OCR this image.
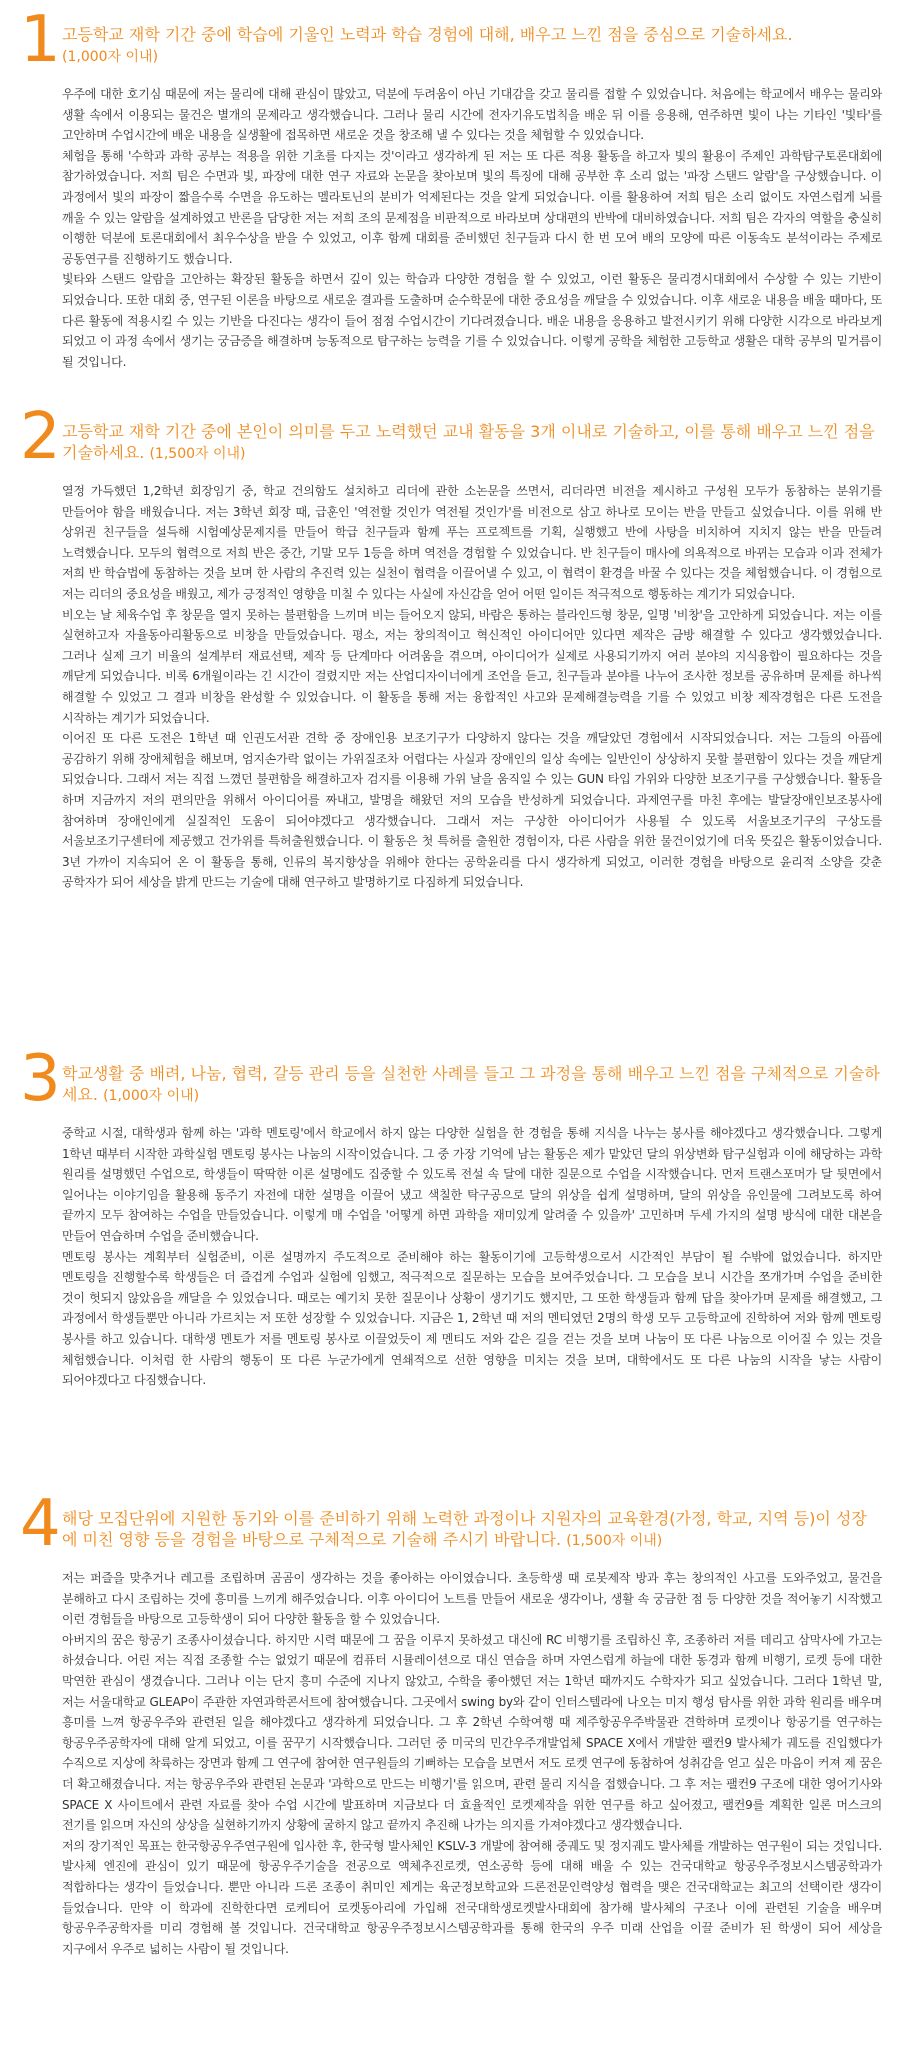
1 고등학교 재학 기간 중에 학습에 기울인 노력과 학습 경험에 대해, 배우고 느낀 점을 중심으로 기술하세요.
(1,000자 이내)

우주에 대한 호기심 때문에 저는 물리에 대해 관심이 많았고, 덕분에 두려움이 아닌 기대감을 갖고 물리를 접할 수 있었습니다. 처음에는 학교에서 배우는 물리와 생활 속에서 이용되는 물건은 별개의 문제라고 생각했습니다. 그러나 물리 시간에 전자기유도법칙을 배운 뒤 이를 응용해, 연주하면 빛이 나는 기타인 '빛타'를 고안하며 수업시간에 배운 내용을 실생활에 접목하면 새로운 것을 창조해 낼 수 있다는 것을 체험할 수 있었습니다.

체험을 통해 '수학과 과학 공부는 적용을 위한 기초를 다지는 것'이라고 생각하게 된 저는 또 다른 적용 활동을 하고자 빛의 활용이 주제인 과학탐구토론대회에 참가하였습니다. 저희 팀은 수면과 빛, 파장에 대한 연구 자료와 논문을 찾아보며 빛의 특징에 대해 공부한 후 소리 없는 '파장 스탠드 알람'을 구상했습니다. 이 과정에서 빛의 파장이 짧을수록 수면을 유도하는 멜라토닌의 분비가 억제된다는 것을 알게 되었습니다. 이를 활용하여 저희 팀은 소리 없이도 자연스럽게 뇌를 깨울 수 있는 알람을 설계하였고 반론을 담당한 저는 저희 조의 문제점을 비판적으로 바라보며 상대편의 반박에 대비하였습니다. 저희 팀은 각자의 역할을 충실히 이행한 덕분에 토론대회에서 최우수상을 받을 수 있었고, 이후 함께 대회를 준비했던 친구들과 다시 한 번 모여 배의 모양에 따른 이동속도 분석이라는 주제로 공동연구를 진행하기도 했습니다.

빛타와 스탠드 알람을 고안하는 확장된 활동을 하면서 깊이 있는 학습과 다양한 경험을 할 수 있었고, 이런 활동은 물리경시대회에서 수상할 수 있는 기반이 되었습니다. 또한 대회 중, 연구된 이론을 바탕으로 새로운 결과를 도출하며 순수학문에 대한 중요성을 깨달을 수 있었습니다. 이후 새로운 내용을 배울 때마다, 또 다른 활동에 적용시킬 수 있는 기반을 다진다는 생각이 들어 점점 수업시간이 기다려졌습니다. 배운 내용을 응용하고 발전시키기 위해 다양한 시각으로 바라보게 되었고 이 과정 속에서 생기는 궁금증을 해결하며 능동적으로 탐구하는 능력을 기를 수 있었습니다. 이렇게 공학을 체험한 고등학교 생활은 대학 공부의 밑거름이 될 것입니다.

2 고등학교 재학 기간 중에 본인이 의미를 두고 노력했던 교내 활동을 3개 이내로 기술하고, 이를 통해 배우고 느낀 점을 기술하세요. (1,500자 이내)

열정 가득했던 1,2학년 회장임기 중, 학교 건의함도 설치하고 리더에 관한 소논문을 쓰면서, 리더라면 비전을 제시하고 구성원 모두가 동참하는 분위기를 만들어야 함을 배웠습니다. 저는 3학년 회장 때, 급훈인 '역전할 것인가 역전될 것인가'를 비전으로 삼고 하나로 모이는 반을 만들고 싶었습니다. 이를 위해 반 상위권 친구들을 설득해 시험예상문제지를 만들어 학급 친구들과 함께 푸는 프로젝트를 기획, 실행했고 반에 사탕을 비치하여 지치지 않는 반을 만들려 노력했습니다. 모두의 협력으로 저희 반은 중간, 기말 모두 1등을 하며 역전을 경험할 수 있었습니다. 반 친구들이 매사에 의욕적으로 바뀌는 모습과 이과 전체가 저희 반 학습법에 동참하는 것을 보며 한 사람의 추진력 있는 실천이 협력을 이끌어낼 수 있고, 이 협력이 환경을 바꿀 수 있다는 것을 체험했습니다. 이 경험으로 저는 리더의 중요성을 배웠고, 제가 긍정적인 영향을 미칠 수 있다는 사실에 자신감을 얻어 어떤 일이든 적극적으로 행동하는 계기가 되었습니다.

비오는 날 체육수업 후 창문을 열지 못하는 불편함을 느끼며 비는 들어오지 않되, 바람은 통하는 블라인드형 창문, 일명 '비창'을 고안하게 되었습니다. 저는 이를 실현하고자 자율동아리활동으로 비창을 만들었습니다. 평소, 저는 창의적이고 혁신적인 아이디어만 있다면 제작은 금방 해결할 수 있다고 생각했었습니다. 그러나 실제 크기 비율의 설계부터 재료선택, 제작 등 단계마다 어려움을 겪으며, 아이디어가 실제로 사용되기까지 여러 분야의 지식융합이 필요하다는 것을 깨닫게 되었습니다. 비록 6개월이라는 긴 시간이 걸렸지만 저는 산업디자이너에게 조언을 듣고, 친구들과 분야를 나누어 조사한 정보를 공유하며 문제를 하나씩 해결할 수 있었고 그 결과 비창을 완성할 수 있었습니다. 이 활동을 통해 저는 융합적인 사고와 문제해결능력을 기를 수 있었고 비창 제작경험은 다른 도전을 시작하는 계기가 되었습니다.

이어진 또 다른 도전은 1학년 때 인권도서관 견학 중 장애인용 보조기구가 다양하지 않다는 것을 깨달았던 경험에서 시작되었습니다. 저는 그들의 아픔에 공감하기 위해 장애체험을 해보며, 엄지손가락 없이는 가위질조차 어렵다는 사실과 장애인의 일상 속에는 일반인이 상상하지 못할 불편함이 있다는 것을 깨닫게 되었습니다. 그래서 저는 직접 느꼈던 불편함을 해결하고자 검지를 이용해 가위 날을 움직일 수 있는 GUN 타입 가위와 다양한 보조기구를 구상했습니다. 활동을 하며 지금까지 저의 편의만을 위해서 아이디어를 짜내고, 발명을 해왔던 저의 모습을 반성하게 되었습니다. 과제연구를 마친 후에는 발달장애인보조봉사에 참여하며 장애인에게 실질적인 도움이 되어야겠다고 생각했습니다. 그래서 저는 구상한 아이디어가 사용될 수 있도록 서울보조기구의 구상도를 서울보조기구센터에 제공했고 건가위를 특허출원했습니다. 이 활동은 첫 특허를 출원한 경험이자, 다른 사람을 위한 물건이었기에 더욱 뜻깊은 활동이었습니다. 3년 가까이 지속되어 온 이 활동을 통해, 인류의 복지향상을 위해야 한다는 공학윤리를 다시 생각하게 되었고, 이러한 경험을 바탕으로 윤리적 소양을 갖춘 공학자가 되어 세상을 밝게 만드는 기술에 대해 연구하고 발명하기로 다짐하게 되었습니다.

3 학교생활 중 배려, 나눔, 협력, 갈등 관리 등을 실천한 사례를 들고 그 과정을 통해 배우고 느낀 점을 구체적으로 기술하세요. (1,000자 이내)

중학교 시절, 대학생과 함께 하는 '과학 멘토링'에서 학교에서 하지 않는 다양한 실험을 한 경험을 통해 지식을 나누는 봉사를 해야겠다고 생각했습니다. 그렇게 1학년 때부터 시작한 과학실험 멘토링 봉사는 나눔의 시작이었습니다. 그 중 가장 기억에 남는 활동은 제가 맡았던 달의 위상변화 탐구실험과 이에 해당하는 과학 원리를 설명했던 수업으로, 학생들이 딱딱한 이론 설명에도 집중할 수 있도록 전설 속 달에 대한 질문으로 수업을 시작했습니다. 먼저 트랜스포머가 달 뒷면에서 일어나는 이야기임을 활용해 동주기 자전에 대한 설명을 이끌어 냈고 색칠한 탁구공으로 달의 위상을 쉽게 설명하며, 달의 위상을 유인물에 그려보도록 하여 끝까지 모두 참여하는 수업을 만들었습니다. 이렇게 매 수업을 '어떻게 하면 과학을 재미있게 알려줄 수 있을까' 고민하며 두세 가지의 설명 방식에 대한 대본을 만들어 연습하며 수업을 준비했습니다.

멘토링 봉사는 계획부터 실험준비, 이론 설명까지 주도적으로 준비해야 하는 활동이기에 고등학생으로서 시간적인 부담이 될 수밖에 없었습니다. 하지만 멘토링을 진행할수록 학생들은 더 즐겁게 수업과 실험에 임했고, 적극적으로 질문하는 모습을 보여주었습니다. 그 모습을 보니 시간을 쪼개가며 수업을 준비한 것이 헛되지 않았음을 깨달을 수 있었습니다. 때로는 예기치 못한 질문이나 상황이 생기기도 했지만, 그 또한 학생들과 함께 답을 찾아가며 문제를 해결했고, 그 과정에서 학생들뿐만 아니라 가르치는 저 또한 성장할 수 있었습니다. 지금은 1, 2학년 때 저의 멘티였던 2명의 학생 모두 고등학교에 진학하여 저와 함께 멘토링 봉사를 하고 있습니다. 대학생 멘토가 저를 멘토링 봉사로 이끌었듯이 제 멘티도 저와 같은 길을 걷는 것을 보며 나눔이 또 다른 나눔으로 이어질 수 있는 것을 체험했습니다. 이처럼 한 사람의 행동이 또 다른 누군가에게 연쇄적으로 선한 영향을 미치는 것을 보며, 대학에서도 또 다른 나눔의 시작을 낳는 사람이 되어야겠다고 다짐했습니다.

4 해당 모집단위에 지원한 동기와 이를 준비하기 위해 노력한 과정이나 지원자의 교육환경(가정, 학교, 지역 등)이 성장에 미친 영향 등을 경험을 바탕으로 구체적으로 기술해 주시기 바랍니다. (1,500자 이내)

저는 퍼즐을 맞추거나 레고를 조립하며 곰곰이 생각하는 것을 좋아하는 아이였습니다. 초등학생 때 로봇제작 방과 후는 창의적인 사고를 도와주었고, 물건을 분해하고 다시 조립하는 것에 흥미를 느끼게 해주었습니다. 이후 아이디어 노트를 만들어 새로운 생각이나, 생활 속 궁금한 점 등 다양한 것을 적어놓기 시작했고 이런 경험들을 바탕으로 고등학생이 되어 다양한 활동을 할 수 있었습니다.

아버지의 꿈은 항공기 조종사이셨습니다. 하지만 시력 때문에 그 꿈을 이루지 못하셨고 대신에 RC 비행기를 조립하신 후, 조종하러 저를 데리고 삼막사에 가고는 하셨습니다. 어린 저는 직접 조종할 수는 없었기 때문에 컴퓨터 시뮬레이션으로 대신 연습을 하며 자연스럽게 하늘에 대한 동경과 함께 비행기, 로켓 등에 대한 막연한 관심이 생겼습니다. 그러나 이는 단지 흥미 수준에 지나지 않았고, 수학을 좋아했던 저는 1학년 때까지도 수학자가 되고 싶었습니다. 그러다 1학년 말, 저는 서울대학교 GLEAP이 주관한 자연과학콘서트에 참여했습니다. 그곳에서 swing by와 같이 인터스텔라에 나오는 미지 행성 탐사를 위한 과학 원리를 배우며 흥미를 느껴 항공우주와 관련된 일을 해야겠다고 생각하게 되었습니다. 그 후 2학년 수학여행 때 제주항공우주박물관 견학하며 로켓이나 항공기를 연구하는 항공우주공학자에 대해 알게 되었고, 이를 꿈꾸기 시작했습니다. 그러던 중 미국의 민간우주개발업체 SPACE X에서 개발한 팰컨9 발사체가 궤도를 진입했다가 수직으로 지상에 착륙하는 장면과 함께 그 연구에 참여한 연구원들의 기뻐하는 모습을 보면서 저도 로켓 연구에 동참하여 성취감을 얻고 싶은 마음이 커져 제 꿈은 더 확고해졌습니다. 저는 항공우주와 관련된 논문과 '과학으로 만드는 비행기'를 읽으며, 관련 물리 지식을 접했습니다. 그 후 저는 팰컨9 구조에 대한 영어기사와 SPACE X 사이트에서 관련 자료를 찾아 수업 시간에 발표하며 지금보다 더 효율적인 로켓제작을 위한 연구를 하고 싶어졌고, 팰컨9를 계획한 일론 머스크의 전기를 읽으며 자신의 상상을 실현하기까지 상황에 굴하지 않고 끝까지 추진해 나가는 의지를 가져야겠다고 생각했습니다.

저의 장기적인 목표는 한국항공우주연구원에 입사한 후, 한국형 발사체인 KSLV-3 개발에 참여해 중궤도 및 정지궤도 발사체를 개발하는 연구원이 되는 것입니다. 발사체 엔진에 관심이 있기 때문에 항공우주기술을 전공으로 액체추진로켓, 연소공학 등에 대해 배울 수 있는 건국대학교 항공우주정보시스템공학과가 적합하다는 생각이 들었습니다. 뿐만 아니라 드론 조종이 취미인 제게는 육군정보학교와 드론전문인력양성 협력을 맺은 건국대학교는 최고의 선택이란 생각이 들었습니다. 만약 이 학과에 진학한다면 로케티어 로켓동아리에 가입해 전국대학생로켓발사대회에 참가해 발사체의 구조나 이에 관련된 기술을 배우며 항공우주공학자를 미리 경험해 볼 것입니다. 건국대학교 항공우주정보시스템공학과를 통해 한국의 우주 미래 산업을 이끌 준비가 된 학생이 되어 세상을 지구에서 우주로 넓히는 사람이 될 것입니다.
